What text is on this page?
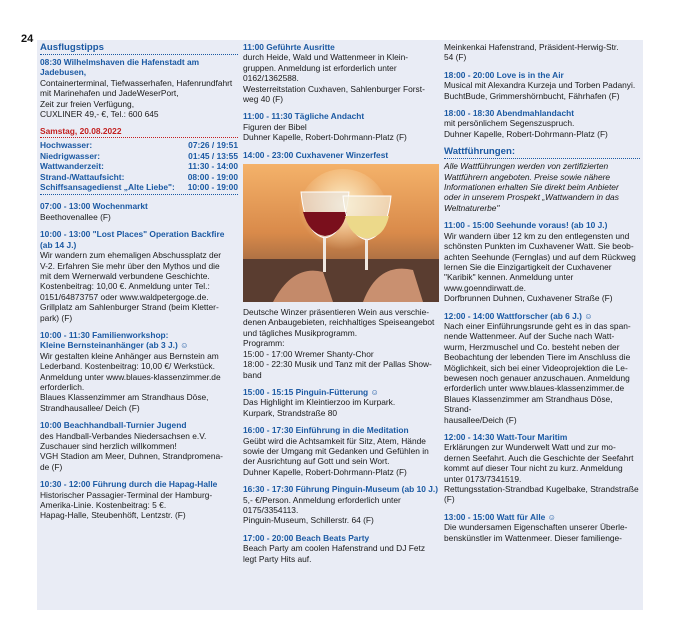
24
Ausflugstipps
08:30 Wilhelmshaven die Hafenstadt am Jadebusen,
Containerterminal, Tiefwasserhafen, Hafenrundfahrt mit Marinehafen und JadeWeserPort,
Zeit zur freien Verfügung,
CUXLINER 49,- €, Tel.: 600 645
Samstag, 20.08.2022
Hochwasser:	07:26 / 19:51
Niedrigwasser:	01:45 / 13:55
Wattwanderzeit:	11:30 - 14:00
Strand-/Wattaufsicht:	08:00 - 19:00
Schiffsansagedienst „Alte Liebe": 10:00 - 19:00
07:00 - 13:00 Wochenmarkt
Beethovenallee (F)
10:00 - 13:00 "Lost Places" Operation Backfire
(ab 14 J.)
Wir wandern zum ehemaligen Abschussplatz der
V-2. Erfahren Sie mehr über den Mythos und die
mit dem Wernerwald verbundene Geschichte.
Kostenbeitrag: 10,00 €. Anmeldung unter Tel.:
0151/64873757 oder www.waldpetergoge.de.
Grillplatz am Sahlenburger Strand (beim Kletter-
park) (F)
10:00 - 11:30 Familienworkshop:
Kleine Bernsteinanhänger (ab 3 J.) ☺
Wir gestalten kleine Anhänger aus Bernstein am
Lederband. Kostenbeitrag: 10,00 €/ Werkstück.
Anmeldung unter www.blaues-klassenzimmer.de
erforderlich.
Blaues Klassenzimmer am Strandhaus Döse,
Strandhausallee/ Deich (F)
10:00 Beachhandball-Turnier Jugend
des Handball-Verbandes Niedersachsen e.V.
Zuschauer sind herzlich willkommen!
VGH Stadion am Meer, Duhnen, Strandpromena-
de (F)
10:30 - 12:00 Führung durch die Hapag-Halle
Historischer Passagier-Terminal der Hamburg-
Amerika-Linie. Kostenbeitrag: 5 €.
Hapag-Halle, Steubenhöft, Lentzstr. (F)
11:00 Geführte Ausritte
durch Heide, Wald und Wattenmeer in Klein-
gruppen. Anmeldung ist erforderlich unter
0162/1362588.
Westerreitstation Cuxhaven, Sahlenburger Forst-
weg 40 (F)
11:00 - 11:30 Tägliche Andacht
Figuren der Bibel
Duhner Kapelle, Robert-Dohrmann-Platz (F)
14:00 - 23:00 Cuxhavener Winzerfest
Deutsche Winzer präsentieren Wein aus verschie-
denen Anbaugebieten, reichhaltiges Speiseangebot
und tägliches Musikprogramm.
Programm:
15:00 - 17:00 Wremer Shanty-Chor
18:00 - 22:30 Musik und Tanz mit der Pallas Show-
band
15:00 - 15:15 Pinguin-Fütterung ☺
Das Highlight im Kleintierzoo im Kurpark.
Kurpark, Strandstraße 80
16:00 - 17:30 Einführung in die Meditation
Geübt wird die Achtsamkeit für Sitz, Atem, Hände
sowie der Umgang mit Gedanken und Gefühlen in
der Ausrichtung auf Gott und sein Wort.
Duhner Kapelle, Robert-Dohrmann-Platz (F)
16:30 - 17:30 Führung Pinguin-Museum (ab 10 J.)
5,- €/Person. Anmeldung erforderlich unter
0175/3354113.
Pinguin-Museum, Schillerstr. 64 (F)
17:00 - 20:00 Beach Beats Party
Beach Party am coolen Hafenstrand und DJ Fetz
legt Party Hits auf.
Meinkenkai Hafenstrand, Präsident-Herwig-Str.
54 (F)
18:00 - 20:00 Love is in the Air
Musical mit Alexandra Kurzeja und Torben Padanyi.
BuchtBude, Grimmershörnbucht, Fährhafen (F)
18:00 - 18:30 Abendmahlandacht
mit persönlichem Segenszuspruch.
Duhner Kapelle, Robert-Dohrmann-Platz (F)
Wattführungen:
Alle Wattführungen werden von zertifizierten
Wattführern angeboten. Preise sowie nähere
Informationen erhalten Sie direkt beim Anbieter
oder in unserem Prospekt „Wattwandern in das
Weltnaturerbe"
11:00 - 15:00 Seehunde voraus! (ab 10 J.)
Wir wandern über 12 km zu den entlegensten und
schönsten Punkten im Cuxhavener Watt. Sie beob-
achten Seehunde (Fernglas) und auf dem Rückweg
lernen Sie die Einzigartigkeit der Cuxhavener
"Karibik" kennen. Anmeldung unter
www.goenndirwatt.de.
Dorfbrunnen Duhnen, Cuxhavener Straße (F)
12:00 - 14:00 Wattforscher (ab 6 J.) ☺
Nach einer Einführungsrunde geht es in das span-
nende Wattenmeer. Auf der Suche nach Watt-
wurm, Herzmuschel und Co. besteht neben der
Beobachtung der lebenden Tiere im Anschluss die
Möglichkeit, sich bei einer Videoprojektion die Le-
bewesen noch genauer anzuschauen. Anmeldung
erforderlich unter www.blaues-klassenzimmer.de
Blaues Klassenzimmer am Strandhaus Döse, Strand-
hausallee/Deich (F)
12:00 - 14:30 Watt-Tour Maritim
Erklärungen zur Wunderwelt Watt und zur mo-
dernen Seefahrt. Auch die Geschichte der Seefahrt
kommt auf dieser Tour nicht zu kurz. Anmeldung
unter 0173/7341519.
Rettungsstation-Strandbad Kugelbake, Strandstraße (F)
13:00 - 15:00 Watt für Alle ☺
Die wundersamen Eigenschaften unserer Überle-
benskünstler im Wattenmeer. Dieser familienge-
